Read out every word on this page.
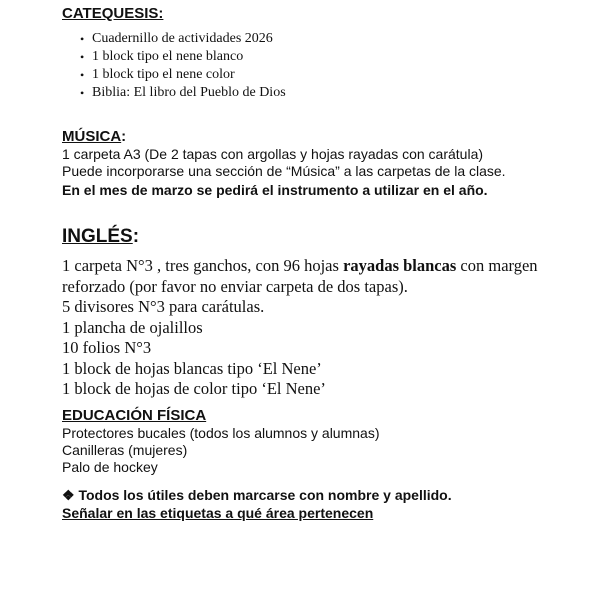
CATEQUESIS:
• Cuadernillo de actividades 2026
• 1 block tipo el nene blanco
• 1 block tipo el nene color
• Biblia: El libro del Pueblo de Dios
MÚSICA:

1 carpeta A3 (De 2 tapas con argollas y hojas rayadas con carátula)

Puede incorporarse una sección de “Música” a las carpetas de la clase.

En el mes de marzo se pedirá el instrumento a utilizar en el año.

INGLÉS:

1 carpeta N°3 , tres ganchos, con 96 hojas rayadas blancas con margen reforzado (por favor no enviar carpeta de dos tapas).

5 divisores N°3 para carátulas.

1 plancha de ojalillos

10 folios N°3

1 block de hojas blancas tipo ‘El Nene’

1 block de hojas de color tipo ‘El Nene’

EDUCACIÓN FÍSICA

Protectores bucales (todos los alumnos y alumnas)

Canilleras (mujeres)

Palo de hockey

❖ Todos los útiles deben marcarse con nombre y apellido.

Señalar en las etiquetas a qué área pertenecen
